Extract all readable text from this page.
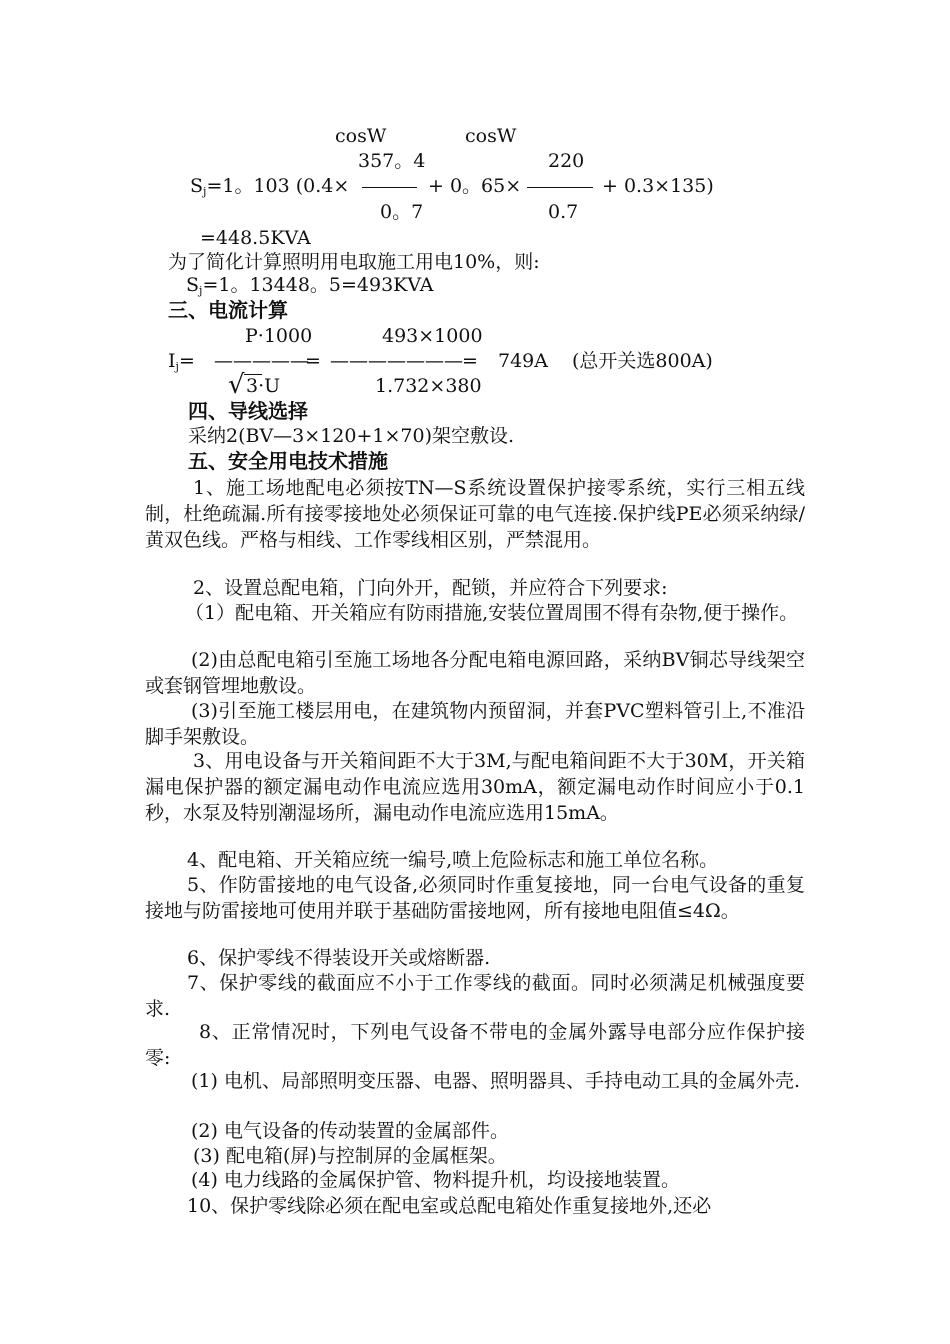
cosW	cosW
357。4	220
$S_j=1$。103 (0.4×	+ 0。65×	+ 0.3×135)
0。7	0.7
=448.5KVA
为了简化计算照明用电取施工用电10%，则:
$S_j=1$。13448。5=493KVA
三、电流计算
P·1000	493×1000
$I_j=$ —————
= ——————— = 749A (总开关选800A)
√ 3·U	1.732×380
四、导线选择
采纳2(BV—3×120+1×70)架空敷设.
五、安全用电技术措施
1、施工场地配电必须按TN—S系统设置保护接零系统，实行三相五线制，杜绝疏漏.所有接零接地处必须保证可靠的电气连接.保护线PE必须采纳绿/黄双色线。严格与相线、工作零线相区别，严禁混用。
2、设置总配电箱，门向外开，配锁，并应符合下列要求:
（1）配电箱、开关箱应有防雨措施,安装位置周围不得有杂物,便于操作。
(2)由总配电箱引至施工场地各分配电箱电源回路，采纳BV铜芯导线架空或套钢管埋地敷设。
(3)引至施工楼层用电，在建筑物内预留洞，并套PVC塑料管引上,不准沿脚手架敷设。
3、用电设备与开关箱间距不大于3M,与配电箱间距不大于30M，开关箱漏电保护器的额定漏电动作电流应选用30mA，额定漏电动作时间应小于0.1秒，水泵及特别潮湿场所，漏电动作电流应选用15mA。
4、配电箱、开关箱应统一编号,喷上危险标志和施工单位名称。
5、作防雷接地的电气设备,必须同时作重复接地，同一台电气设备的重复接地与防雷接地可使用并联于基础防雷接地网，所有接地电阻值≤4Ω。
6、保护零线不得装设开关或熔断器.
7、保护零线的截面应不小于工作零线的截面。同时必须满足机械强度要求.
8、正常情况时，下列电气设备不带电的金属外露导电部分应作保护接零:
(1) 电机、局部照明变压器、电器、照明器具、手持电动工具的金属外壳.
(2) 电气设备的传动装置的金属部件。
(3) 配电箱(屏)与控制屏的金属框架。
(4) 电力线路的金属保护管、物料提升机，均设接地装置。
10、保护零线除必须在配电室或总配电箱处作重复接地外,还必
